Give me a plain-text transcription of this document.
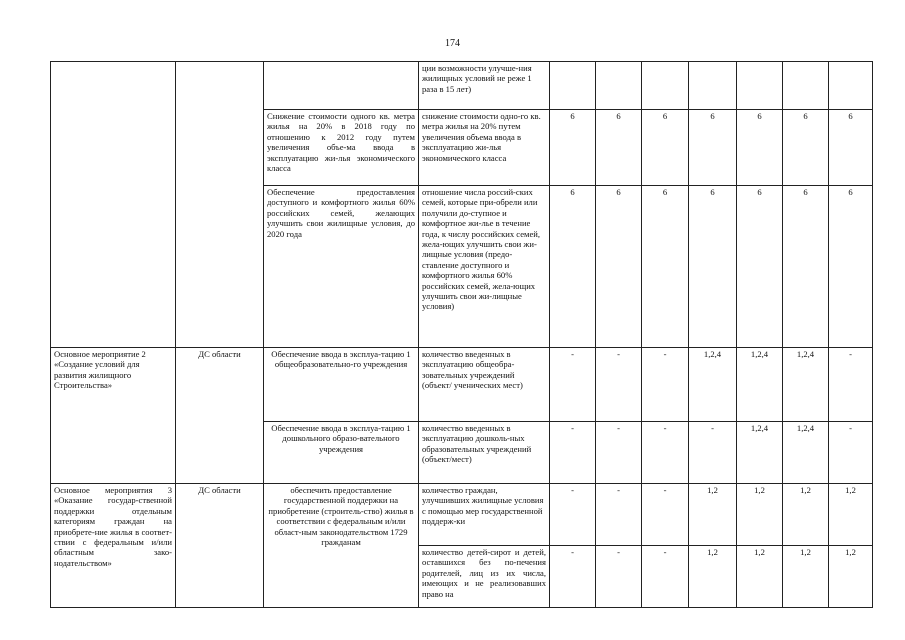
174
			ции возможности улучше-ния жилищных условий не реже 1 раза в 15 лет)							
		Снижение стоимости одного кв. метра жилья на 20% в 2018 году по отношению к 2012 году путем увеличения объе-ма ввода в эксплуатацию жи-лья экономического класса	снижение стоимости одно-го кв. метра жилья на 20% путем увеличения объема ввода в эксплуатацию жи-лья экономического класса	6	6	6	6	6	6	6
		Обеспечение предоставления доступного и комфортного жилья 60% российских семей, желающих улучшить свои жилищные условия, до 2020 года	отношение числа россий-ских семей, которые при-обрели или получили до-ступное и комфортное жи-лье в течение года, к числу российских семей, жела-ющих улучшить свои жи-лищные условия (предо-ставление доступного и комфортного жилья 60% российских семей, жела-ющих улучшить свои жи-лищные условия)	6	6	6	6	6	6	6
Основное мероприятие 2 «Создание условий для развития жилищного Строительства»	ДС области	Обеспечение ввода в эксплуа-тацию 1 общеобразовательно-го учреждения	количество введенных в эксплуатацию общеобра-зовательных учреждений (объект/ ученических мест)	-	-	-	1,2,4	1,2,4	1,2,4	-
		Обеспечение ввода в эксплуа-тацию 1 дошкольного образо-вательного учреждения	количество введенных в эксплуатацию дошколь-ных образовательных учреждений (объект/мест)	-	-	-	-	1,2,4	1,2,4	-
Основное мероприятия 3 «Оказание государ-ственной поддержки отдельным категориям граждан на приобрете-ние жилья в соответ-ствии с федеральным и/или областным зако-нодательством»	ДС области	обеспечить предоставление государственной поддержки на приобретение (строитель-ство) жилья в соответствии с федеральным и/или област-ным законодательством 1729 гражданам	количество граждан, улучшивших жилищные условия с помощью мер государственной поддерж-ки	-	-	-	1,2	1,2	1,2	1,2
			количество детей-сирот и детей, оставшихся без по-печения родителей, лиц из их числа, имеющих и не реализовавших право на	-	-	-	1,2	1,2	1,2	1,2
